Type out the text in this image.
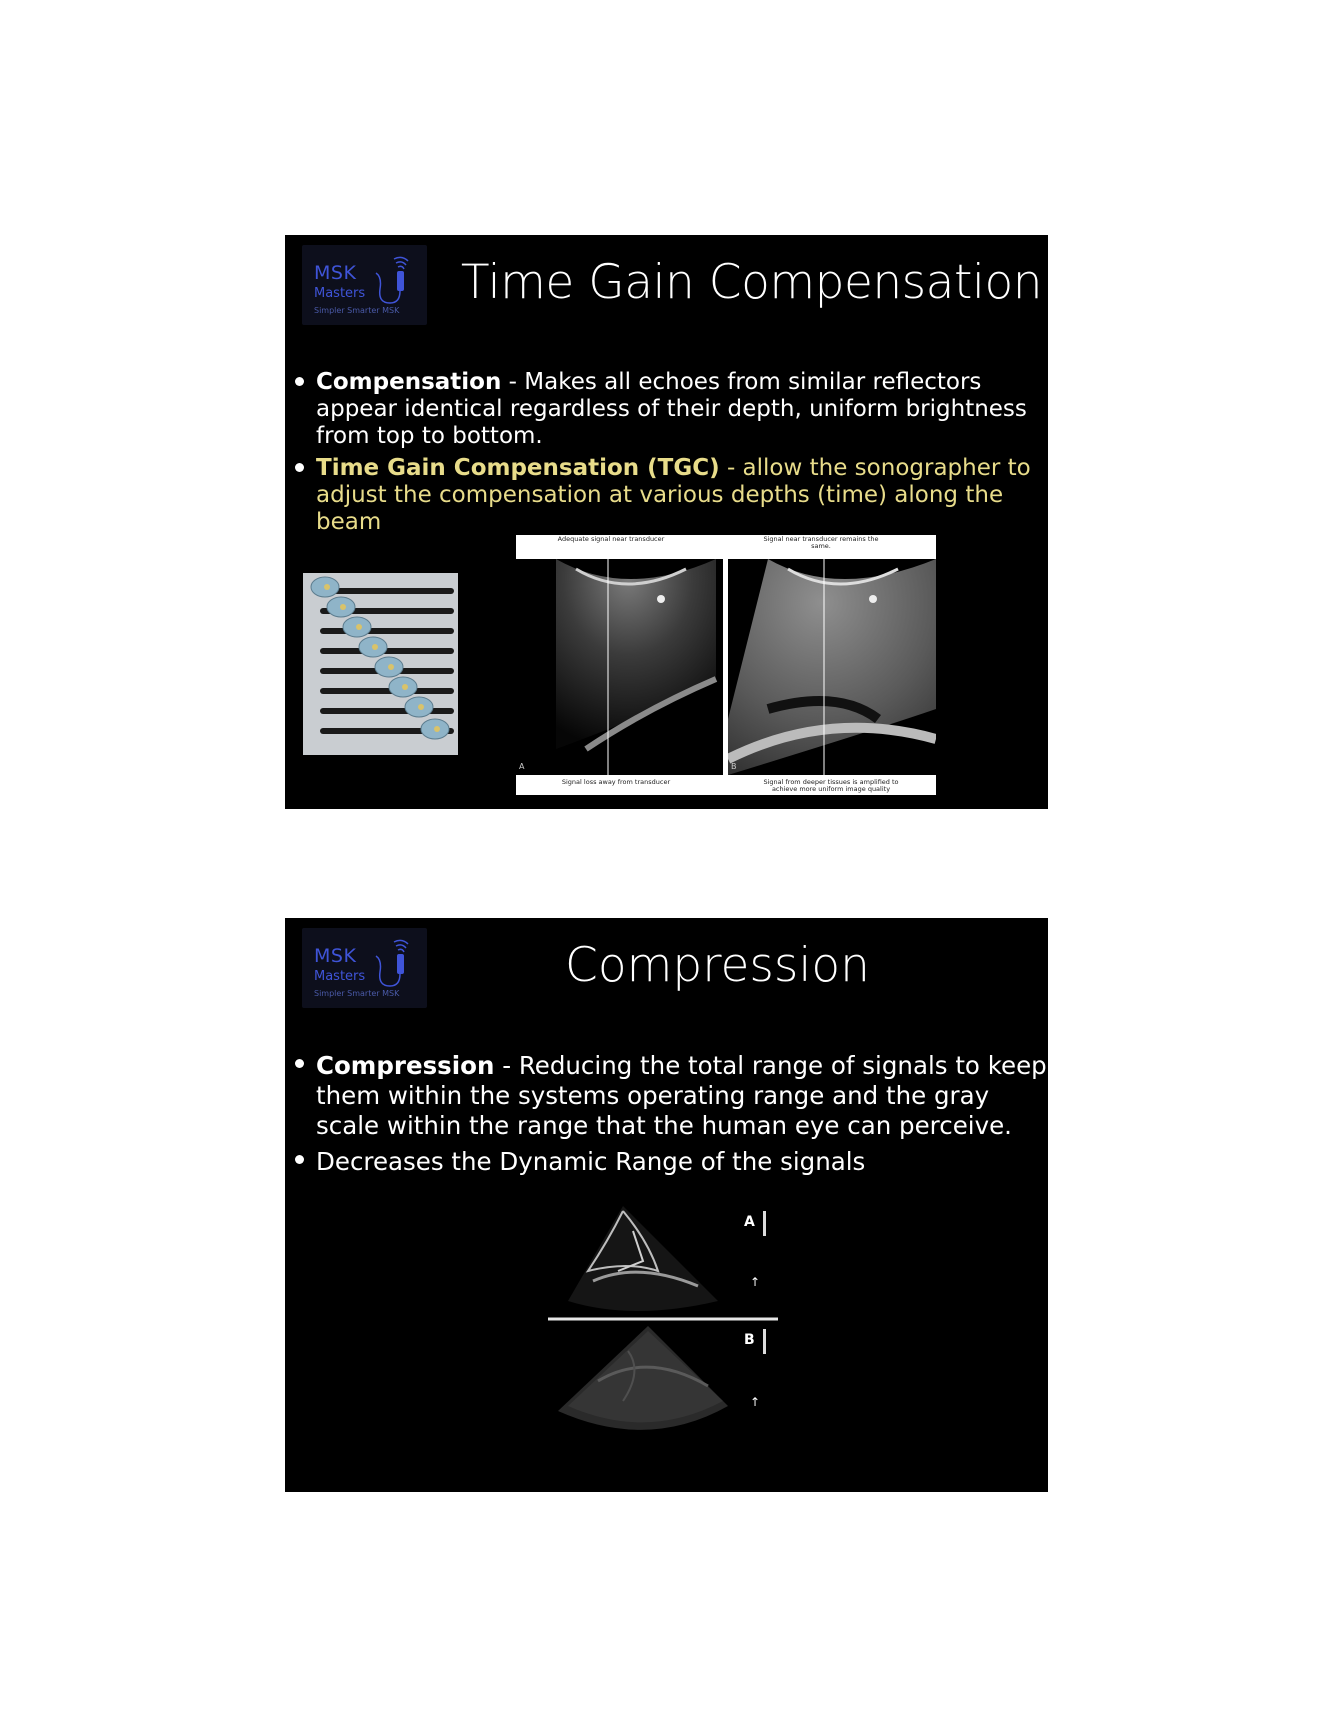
MSK
Masters
Simpler Smarter MSK
Time Gain Compensation
Compensation - Makes all echoes from similar reflectors appear identical regardless of their depth, uniform brightness from top to bottom.
Time Gain Compensation (TGC) - allow the sonographer to adjust the compensation at various depths (time) along the beam
Adequate signal near transducer	Signal near transducer remains the same.
A	B
Signal loss away from transducer	Signal from deeper tissues is amplified to achieve more uniform image quality
MSK
Masters
Simpler Smarter MSK
Compression
Compression - Reducing the total range of signals to keep them within the systems operating range and the gray scale within the range that the human eye can perceive.
Decreases the Dynamic Range of the signals
A
↑
B
↑
